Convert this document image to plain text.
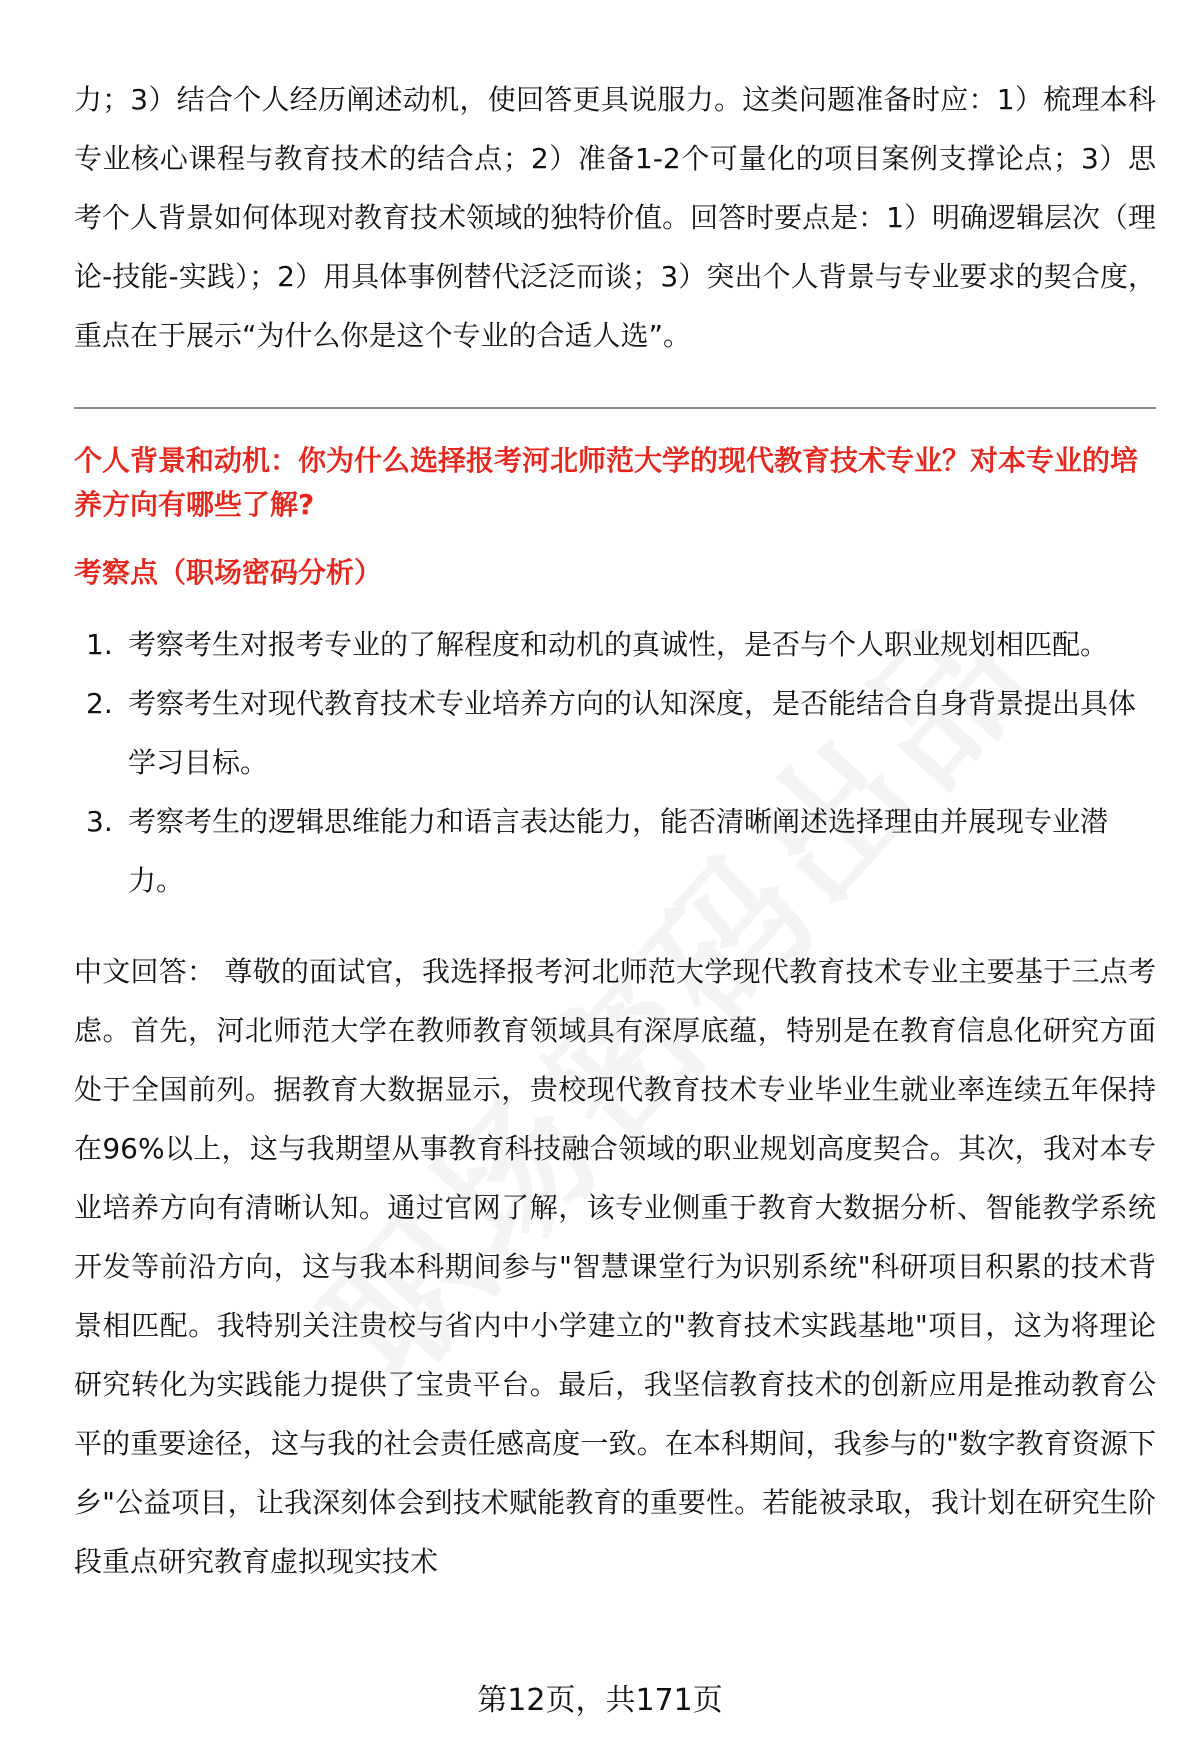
力；3）结合个人经历阐述动机，使回答更具说服力。这类问题准备时应：1）梳理本科专业核心课程与教育技术的结合点；2）准备1-2个可量化的项目案例支撑论点；3）思考个人背景如何体现对教育技术领域的独特价值。回答时要点是：1）明确逻辑层次（理论-技能-实践）；2）用具体事例替代泛泛而谈；3）突出个人背景与专业要求的契合度，重点在于展示“为什么你是这个专业的合适人选”。

个人背景和动机：你为什么选择报考河北师范大学的现代教育技术专业？对本专业的培养方向有哪些了解?

考察点（职场密码分析）

1. 考察考生对报考专业的了解程度和动机的真诚性，是否与个人职业规划相匹配。
2. 考察考生对现代教育技术专业培养方向的认知深度，是否能结合自身背景提出具体学习目标。
3. 考察考生的逻辑思维能力和语言表达能力，能否清晰阐述选择理由并展现专业潜力。

中文回答： 尊敬的面试官，我选择报考河北师范大学现代教育技术专业主要基于三点考虑。首先，河北师范大学在教师教育领域具有深厚底蕴，特别是在教育信息化研究方面处于全国前列。据教育大数据显示，贵校现代教育技术专业毕业生就业率连续五年保持在96%以上，这与我期望从事教育科技融合领域的职业规划高度契合。其次，我对本专业培养方向有清晰认知。通过官网了解，该专业侧重于教育大数据分析、智能教学系统开发等前沿方向，这与我本科期间参与"智慧课堂行为识别系统"科研项目积累的技术背景相匹配。我特别关注贵校与省内中小学建立的"教育技术实践基地"项目，这为将理论研究转化为实践能力提供了宝贵平台。最后，我坚信教育技术的创新应用是推动教育公平的重要途径，这与我的社会责任感高度一致。在本科期间，我参与的"数字教育资源下乡"公益项目，让我深刻体会到技术赋能教育的重要性。若能被录取，我计划在研究生阶段重点研究教育虚拟现实技术

第12页，共171页
